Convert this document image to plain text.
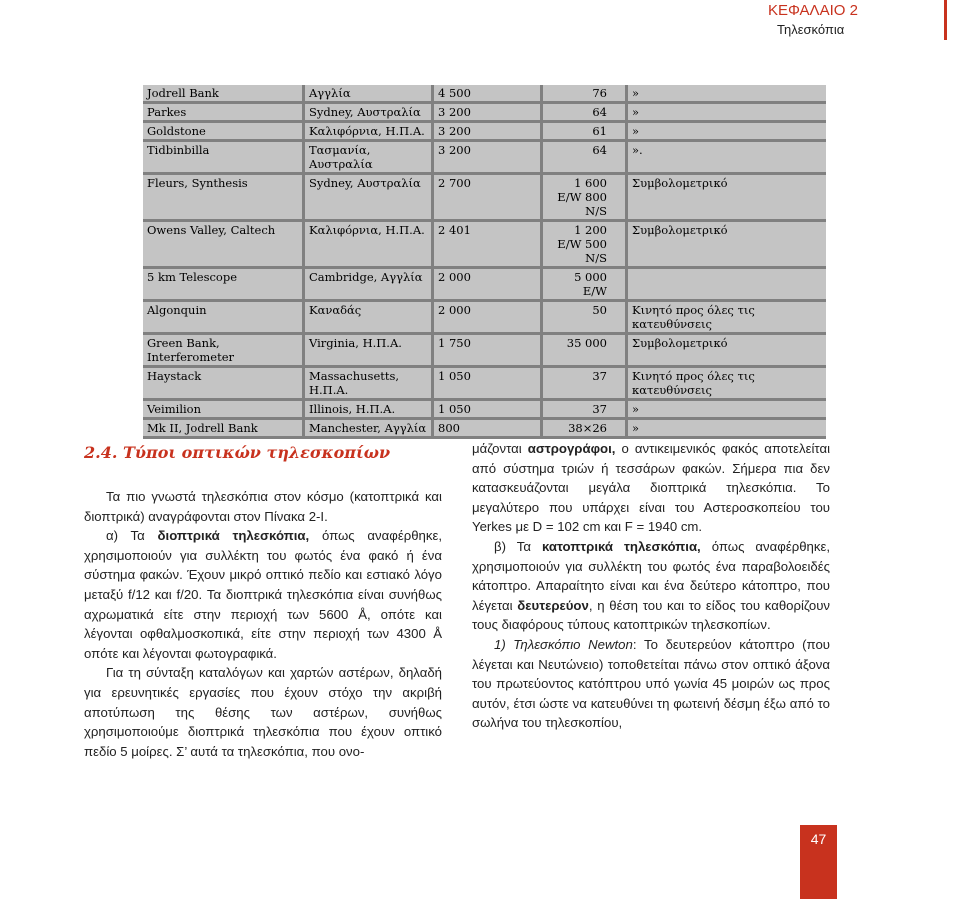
ΚΕΦΑΛΑΙΟ 2
Τηλεσκόπια
Jodrell Bank	Αγγλία	4 500	76	»
Parkes	Sydney, Αυστραλία	3 200	64	»
Goldstone	Καλιφόρνια, Η.Π.Α.	3 200	61	»
Tidbinbilla	Τασμανία, Αυστραλία	3 200	64	».
Fleurs, Synthesis	Sydney, Αυστραλία	2 700	1 600 E/W 800 N/S	Συμβολομετρικό
Owens Valley, Caltech	Καλιφόρνια, Η.Π.Α.	2 401	1 200 E/W 500 N/S	Συμβολομετρικό
5 km Telescope	Cambridge, Αγγλία	2 000	5 000 E/W	
Algonquin	Καναδάς	2 000	50	Κινητό προς όλες τις κατευθύνσεις
Green Bank, Interferometer	Virginia, Η.Π.Α.	1 750	35 000	Συμβολομετρικό
Haystack	Massachusetts, Η.Π.Α.	1 050	37	Κινητό προς όλες τις κατευθύνσεις
Veimilion	Illinois, Η.Π.Α.	1 050	37	»
Mk II, Jodrell Bank	Manchester, Αγγλία	800	38×26	»
2.4. Τύποι οπτικών τηλεσκοπίων

Τα πιο γνωστά τηλεσκόπια στον κόσμο (κατοπτρικά και διοπτρικά) αναγράφονται στον Πίνακα 2-Ι.

α) Τα διοπτρικά τηλεσκόπια, όπως αναφέρθηκε, χρησιμοποιούν για συλλέκτη του φωτός ένα φακό ή ένα σύστημα φακών. Έχουν μικρό οπτικό πεδίο και εστιακό λόγο μεταξύ f/12 και f/20. Τα διοπτρικά τηλεσκόπια είναι συνήθως αχρωματικά είτε στην περιοχή των 5600 Å, οπότε και λέγονται οφθαλμοσκοπικά, είτε στην περιοχή των 4300 Å οπότε και λέγονται φωτογραφικά.

Για τη σύνταξη καταλόγων και χαρτών αστέρων, δηλαδή για ερευνητικές εργασίες που έχουν στόχο την ακριβή αποτύπωση της θέσης των αστέρων, συνήθως χρησιμοποιούμε διοπτρικά τηλεσκόπια που έχουν οπτικό πεδίο 5 μοίρες. Σ’ αυτά τα τηλεσκόπια, που ονο-

μάζονται αστρογράφοι, ο αντικειμενικός φακός αποτελείται από σύστημα τριών ή τεσσάρων φακών. Σήμερα πια δεν κατασκευάζονται μεγάλα διοπτρικά τηλεσκόπια. Το μεγαλύτερο που υπάρχει είναι του Αστεροσκοπείου του Yerkes με D = 102 cm και F = 1940 cm.

β) Τα κατοπτρικά τηλεσκόπια, όπως αναφέρθηκε, χρησιμοποιούν για συλλέκτη του φωτός ένα παραβολοειδές κάτοπτρο. Απαραίτητο είναι και ένα δεύτερο κάτοπτρο, που λέγεται δευτερεύον, η θέση του και το είδος του καθορίζουν τους διαφόρους τύπους κατοπτρικών τηλεσκοπίων.

1) Τηλεσκόπιο Newton: Το δευτερεύον κάτοπτρο (που λέγεται και Νευτώνειο) τοποθετείται πάνω στον οπτικό άξονα του πρωτεύοντος κατόπτρου υπό γωνία 45 μοιρών ως προς αυτόν, έτσι ώστε να κατευθύνει τη φωτεινή δέσμη έξω από το σωλήνα του τηλεσκοπίου,

47
